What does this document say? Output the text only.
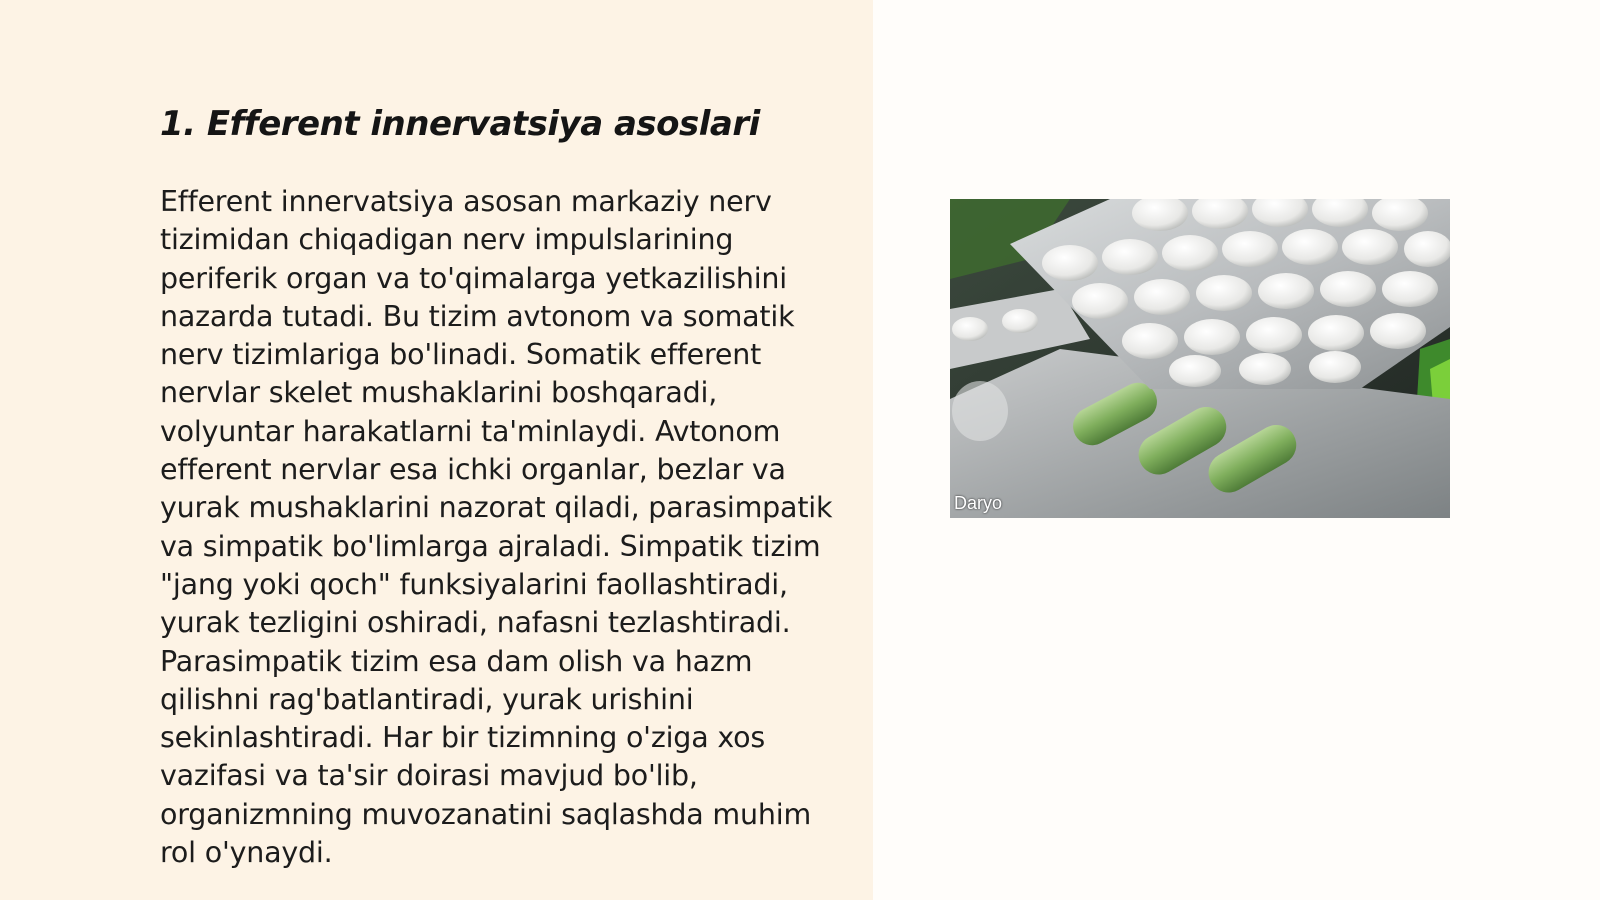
1. Efferent innervatsiya asoslari

Efferent innervatsiya asosan markaziy nerv tizimidan chiqadigan nerv impulslarining periferik organ va to'qimalarga yetkazilishini nazarda tutadi. Bu tizim avtonom va somatik nerv tizimlariga bo'linadi. Somatik efferent nervlar skelet mushaklarini boshqaradi, volyuntar harakatlarni ta'minlaydi. Avtonom efferent nervlar esa ichki organlar, bezlar va yurak mushaklarini nazorat qiladi, parasimpatik va simpatik bo'limlarga ajraladi. Simpatik tizim "jang yoki qoch" funksiyalarini faollashtiradi, yurak tezligini oshiradi, nafasni tezlashtiradi. Parasimpatik tizim esa dam olish va hazm qilishni rag'batlantiradi, yurak urishini sekinlashtiradi. Har bir tizimning o'ziga xos vazifasi va ta'sir doirasi mavjud bo'lib, organizmning muvozanatini saqlashda muhim rol o'ynaydi.

Daryo
